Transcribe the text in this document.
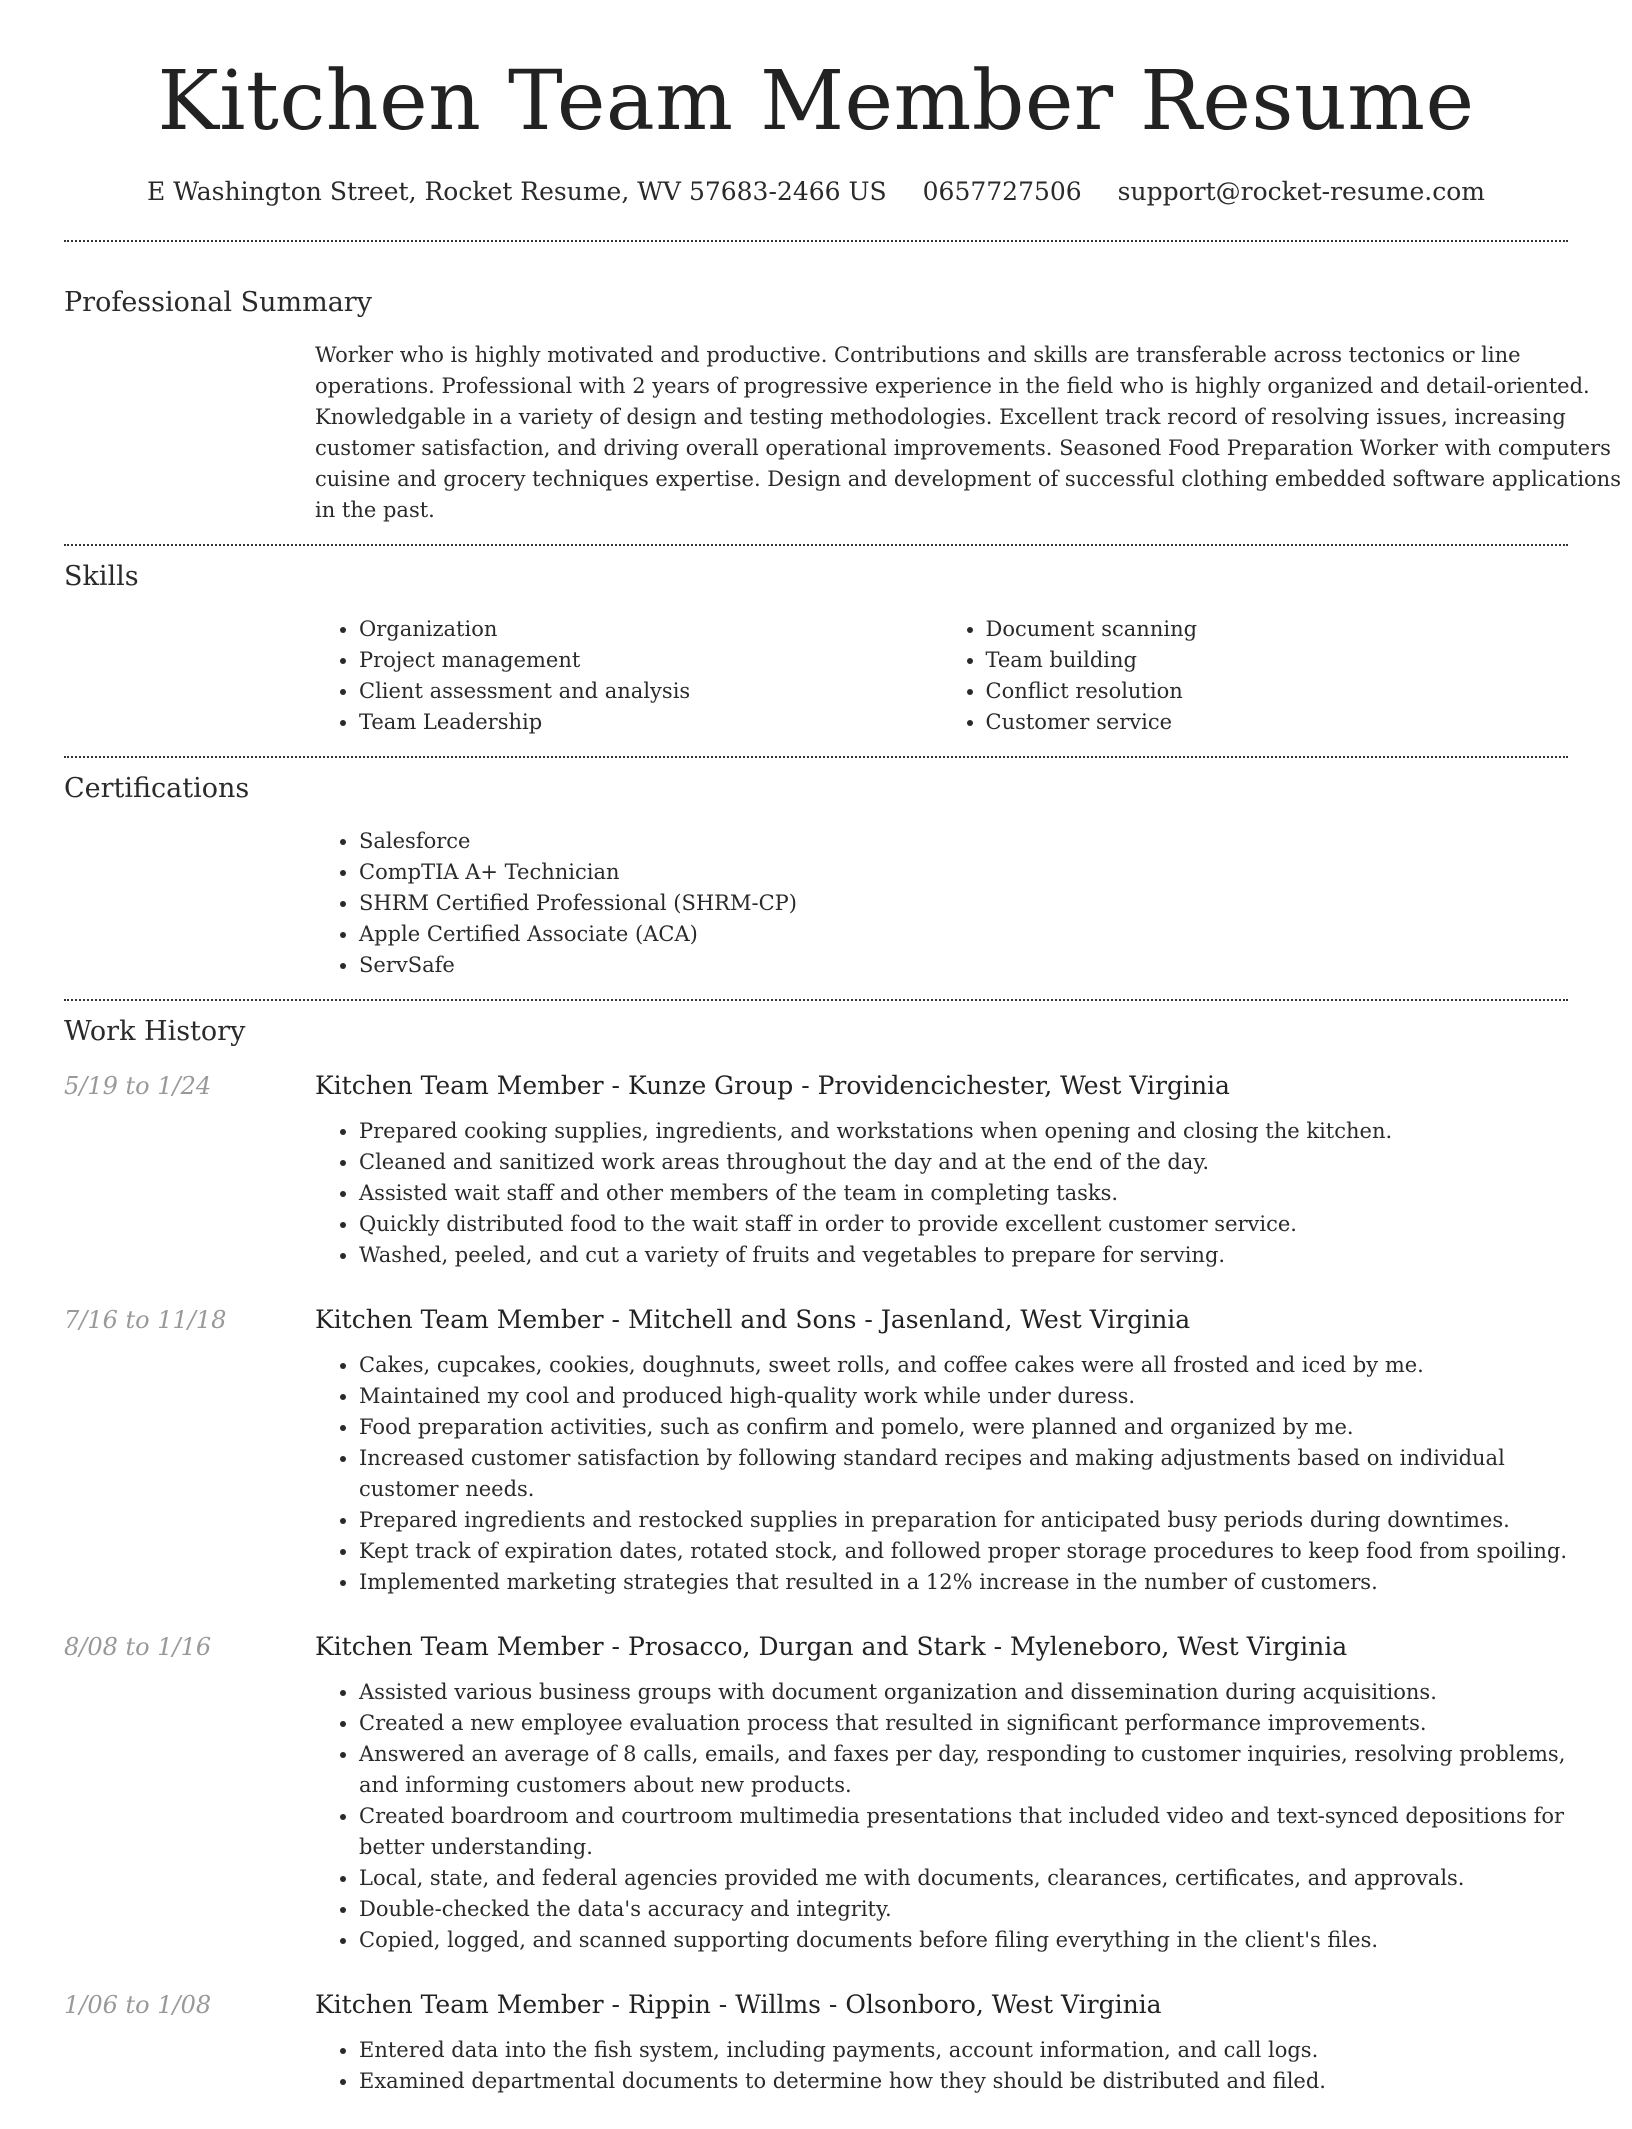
Kitchen Team Member Resume
E Washington Street, Rocket Resume, WV 57683-2466 US 0657727506 support@rocket-resume.com
Professional Summary
Worker who is highly motivated and productive. Contributions and skills are transferable across tectonics or line operations. Professional with 2 years of progressive experience in the field who is highly organized and detail-oriented. Knowledgable in a variety of design and testing methodologies. Excellent track record of resolving issues, increasing customer satisfaction, and driving overall operational improvements. Seasoned Food Preparation Worker with computers cuisine and grocery techniques expertise. Design and development of successful clothing embedded software applications in the past.
Skills
• Organization
• Project management
• Client assessment and analysis
• Team Leadership
• Document scanning
• Team building
• Conflict resolution
• Customer service
Certifications
• Salesforce
• CompTIA A+ Technician
• SHRM Certified Professional (SHRM-CP)
• Apple Certified Associate (ACA)
• ServSafe
Work History
5/19 to 1/24	Kitchen Team Member - Kunze Group - Providencichester, West Virginia
• Prepared cooking supplies, ingredients, and workstations when opening and closing the kitchen.
• Cleaned and sanitized work areas throughout the day and at the end of the day.
• Assisted wait staff and other members of the team in completing tasks.
• Quickly distributed food to the wait staff in order to provide excellent customer service.
• Washed, peeled, and cut a variety of fruits and vegetables to prepare for serving.
7/16 to 11/18	Kitchen Team Member - Mitchell and Sons - Jasenland, West Virginia
• Cakes, cupcakes, cookies, doughnuts, sweet rolls, and coffee cakes were all frosted and iced by me.
• Maintained my cool and produced high-quality work while under duress.
• Food preparation activities, such as confirm and pomelo, were planned and organized by me.
• Increased customer satisfaction by following standard recipes and making adjustments based on individual customer needs.
• Prepared ingredients and restocked supplies in preparation for anticipated busy periods during downtimes.
• Kept track of expiration dates, rotated stock, and followed proper storage procedures to keep food from spoiling.
• Implemented marketing strategies that resulted in a 12% increase in the number of customers.
8/08 to 1/16	Kitchen Team Member - Prosacco, Durgan and Stark - Myleneboro, West Virginia
• Assisted various business groups with document organization and dissemination during acquisitions.
• Created a new employee evaluation process that resulted in significant performance improvements.
• Answered an average of 8 calls, emails, and faxes per day, responding to customer inquiries, resolving problems, and informing customers about new products.
• Created boardroom and courtroom multimedia presentations that included video and text-synced depositions for better understanding.
• Local, state, and federal agencies provided me with documents, clearances, certificates, and approvals.
• Double-checked the data's accuracy and integrity.
• Copied, logged, and scanned supporting documents before filing everything in the client's files.
1/06 to 1/08	Kitchen Team Member - Rippin - Willms - Olsonboro, West Virginia
• Entered data into the fish system, including payments, account information, and call logs.
• Examined departmental documents to determine how they should be distributed and filed.
